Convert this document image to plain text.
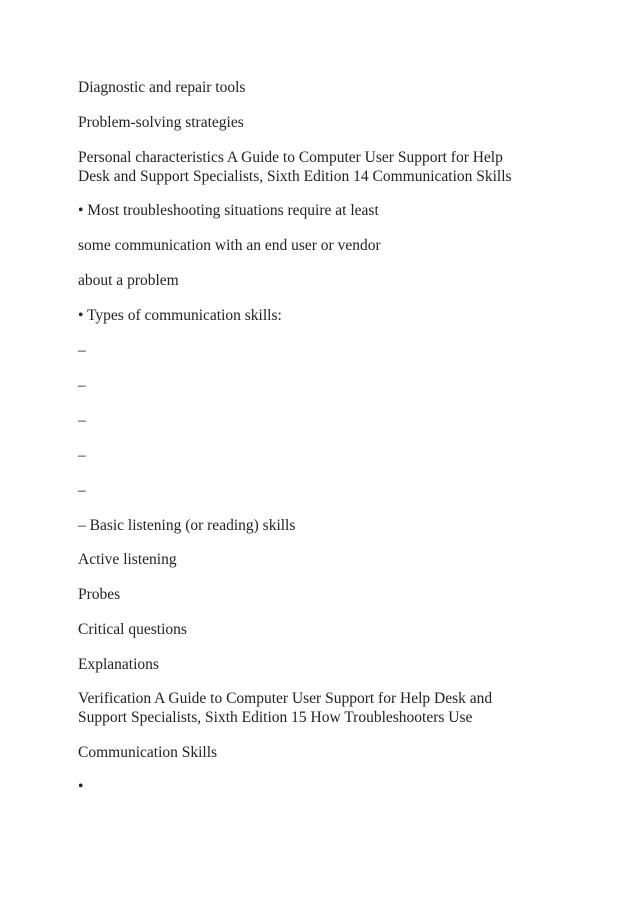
Diagnostic and repair tools

Problem-solving strategies

Personal characteristics A Guide to Computer User Support for Help
Desk and Support Specialists, Sixth Edition 14 Communication Skills

• Most troubleshooting situations require at least

some communication with an end user or vendor

about a problem

• Types of communication skills:

–

–

–

–

–

– Basic listening (or reading) skills

Active listening

Probes

Critical questions

Explanations

Verification A Guide to Computer User Support for Help Desk and
Support Specialists, Sixth Edition 15 How Troubleshooters Use

Communication Skills

•
